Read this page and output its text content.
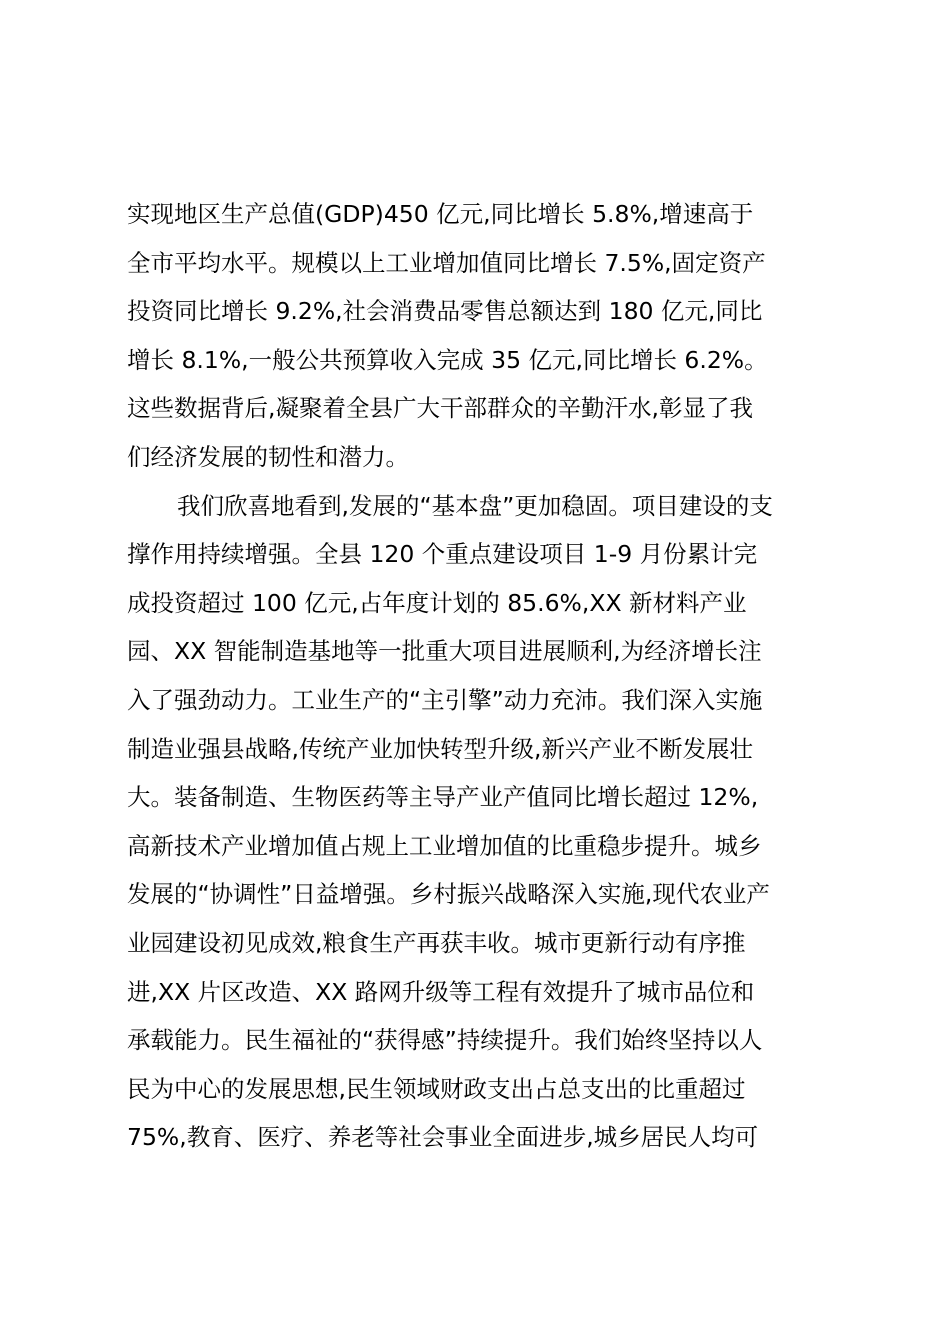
实现地区生产总值(GDP)450 亿元,同比增长 5.8%,增速高于
全市平均水平。规模以上工业增加值同比增长 7.5%,固定资产
投资同比增长 9.2%,社会消费品零售总额达到 180 亿元,同比
增长 8.1%,一般公共预算收入完成 35 亿元,同比增长 6.2%。
这些数据背后,凝聚着全县广大干部群众的辛勤汗水,彰显了我
们经济发展的韧性和潜力。
我们欣喜地看到,发展的“基本盘”更加稳固。项目建设的支
撑作用持续增强。全县 120 个重点建设项目 1-9 月份累计完
成投资超过 100 亿元,占年度计划的 85.6%,XX 新材料产业
园、XX 智能制造基地等一批重大项目进展顺利,为经济增长注
入了强劲动力。工业生产的“主引擎”动力充沛。我们深入实施
制造业强县战略,传统产业加快转型升级,新兴产业不断发展壮
大。装备制造、生物医药等主导产业产值同比增长超过 12%,
高新技术产业增加值占规上工业增加值的比重稳步提升。城乡
发展的“协调性”日益增强。乡村振兴战略深入实施,现代农业产
业园建设初见成效,粮食生产再获丰收。城市更新行动有序推
进,XX 片区改造、XX 路网升级等工程有效提升了城市品位和
承载能力。民生福祉的“获得感”持续提升。我们始终坚持以人
民为中心的发展思想,民生领域财政支出占总支出的比重超过
75%,教育、医疗、养老等社会事业全面进步,城乡居民人均可
